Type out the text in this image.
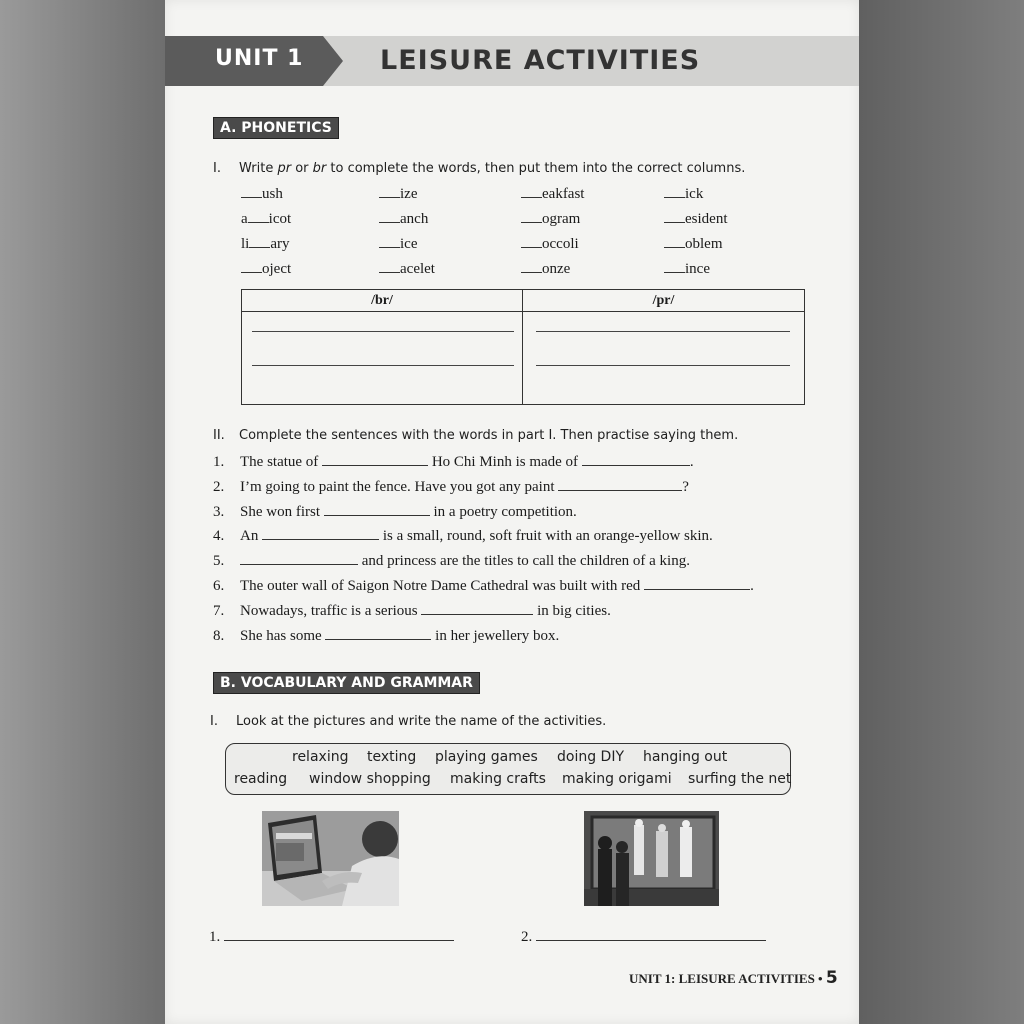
UNIT 1	LEISURE ACTIVITIES
A. PHONETICS
I. Write pr or br to complete the words, then put them into the correct columns.
/br/	/pr/
II. Complete the sentences with the words in part I. Then practise saying them.
B. VOCABULARY AND GRAMMAR
I. Look at the pictures and write the name of the activities.
relaxing texting playing games doing DIY hanging out
reading window shopping making crafts making origami surfing the net
1.	2.
UNIT 1: LEISURE ACTIVITIES • 5
ush	ize	eakfast	ick
a icot	anch	ogram	esident
li ary	ice	occoli	oblem
oject	acelet	onze	ince
1. The statue of	Ho Chi Minh is made of	.
2. I’m going to paint the fence. Have you got any paint	?
3. She won first	in a poetry competition.
4. An	is a small, round, soft fruit with an orange-yellow skin.
5.	and princess are the titles to call the children of a king.
6. The outer wall of Saigon Notre Dame Cathedral was built with red	.
7. Nowadays, traffic is a serious	in big cities.
8. She has some	in her jewellery box.
